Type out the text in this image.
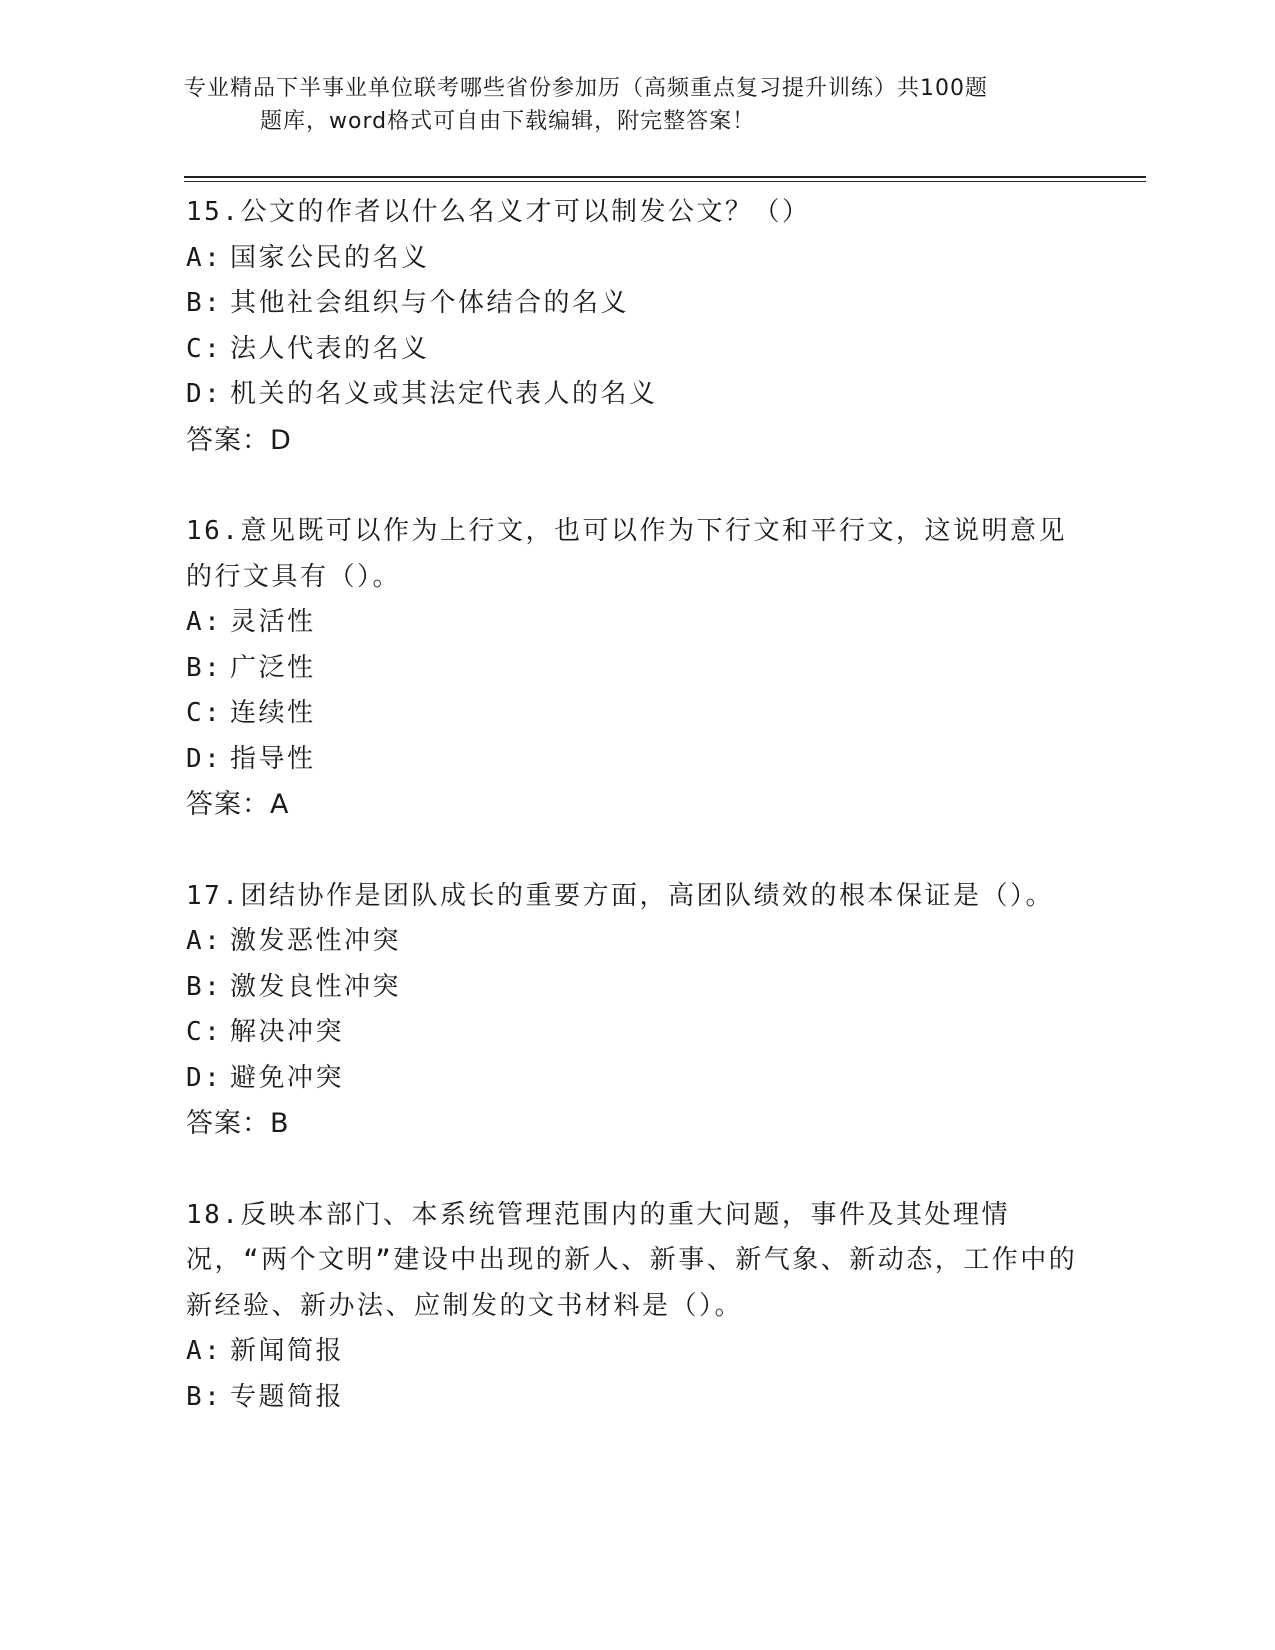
专业精品下半事业单位联考哪些省份参加历（高频重点复习提升训练）共100题
题库，word格式可自由下载编辑，附完整答案！
15.公文的作者以什么名义才可以制发公文？（）
A: 国家公民的名义
B: 其他社会组织与个体结合的名义
C: 法人代表的名义
D: 机关的名义或其法定代表人的名义
答案：D
16.意见既可以作为上行文，也可以作为下行文和平行文，这说明意见的行文具有（）。
A: 灵活性
B: 广泛性
C: 连续性
D: 指导性
答案：A
17.团结协作是团队成长的重要方面，高团队绩效的根本保证是（）。
A: 激发恶性冲突
B: 激发良性冲突
C: 解决冲突
D: 避免冲突
答案：B
18.反映本部门、本系统管理范围内的重大问题，事件及其处理情况，“两个文明”建设中出现的新人、新事、新气象、新动态，工作中的新经验、新办法、应制发的文书材料是（）。
A: 新闻简报
B: 专题简报
